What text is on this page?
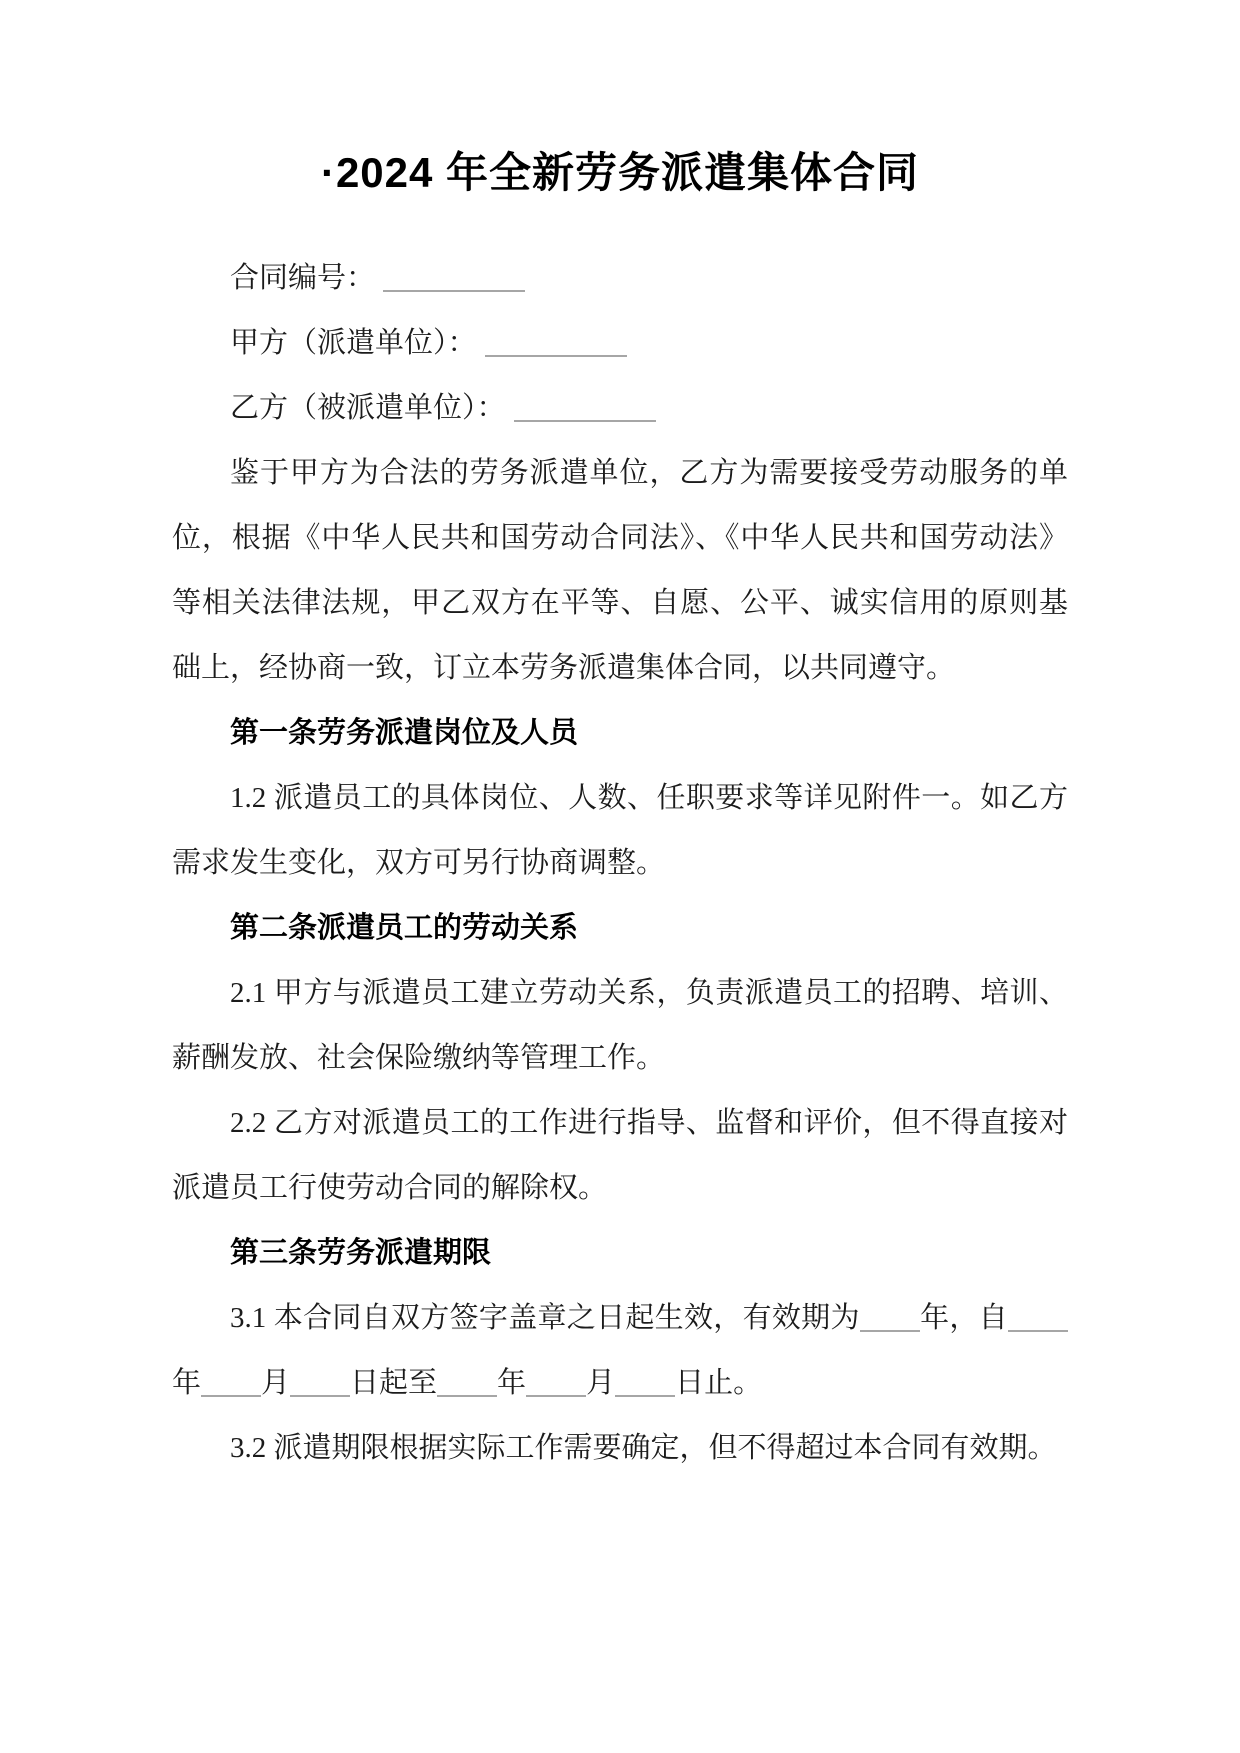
·2024 年全新劳务派遣集体合同

合同编号：

甲方（派遣单位）：

乙方（被派遣单位）：

鉴于甲方为合法的劳务派遣单位，乙方为需要接受劳动服务的单位，根据《中华人民共和国劳动合同法》、《中华人民共和国劳动法》等相关法律法规，甲乙双方在平等、自愿、公平、诚实信用的原则基础上，经协商一致，订立本劳务派遣集体合同，以共同遵守。

第一条劳务派遣岗位及人员

1.2 派遣员工的具体岗位、人数、任职要求等详见附件一。如乙方需求发生变化，双方可另行协商调整。

第二条派遣员工的劳动关系

2.1 甲方与派遣员工建立劳动关系，负责派遣员工的招聘、培训、薪酬发放、社会保险缴纳等管理工作。

2.2 乙方对派遣员工的工作进行指导、监督和评价，但不得直接对派遣员工行使劳动合同的解除权。

第三条劳务派遣期限

3.1 本合同自双方签字盖章之日起生效，有效期为 年，自年 月 日起至 年 月 日止。

3.2 派遣期限根据实际工作需要确定，但不得超过本合同有效期。
